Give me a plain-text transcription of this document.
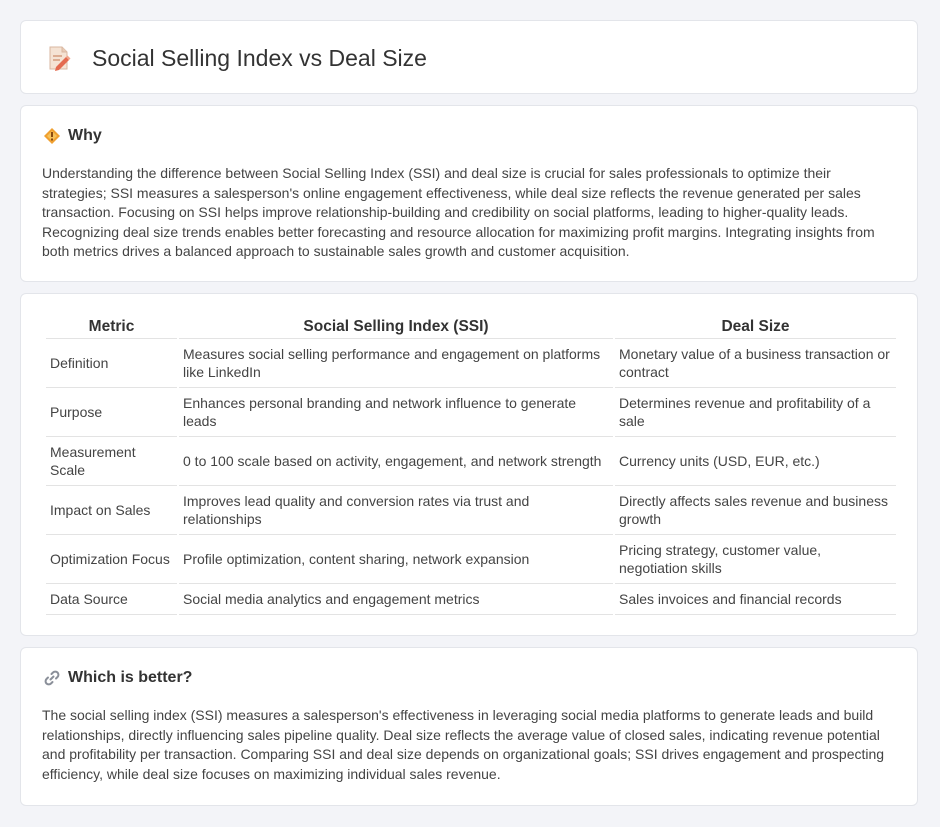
Social Selling Index vs Deal Size
Why

Understanding the difference between Social Selling Index (SSI) and deal size is crucial for sales professionals to optimize their strategies; SSI measures a salesperson's online engagement effectiveness, while deal size reflects the revenue generated per sales transaction. Focusing on SSI helps improve relationship-building and credibility on social platforms, leading to higher-quality leads. Recognizing deal size trends enables better forecasting and resource allocation for maximizing profit margins. Integrating insights from both metrics drives a balanced approach to sustainable sales growth and customer acquisition.

Metric	Social Selling Index (SSI)	Deal Size
Definition	Measures social selling performance and engagement on platforms like LinkedIn	Monetary value of a business transaction or contract
Purpose	Enhances personal branding and network influence to generate leads	Determines revenue and profitability of a sale
Measurement Scale	0 to 100 scale based on activity, engagement, and network strength	Currency units (USD, EUR, etc.)
Impact on Sales	Improves lead quality and conversion rates via trust and relationships	Directly affects sales revenue and business growth
Optimization Focus	Profile optimization, content sharing, network expansion	Pricing strategy, customer value, negotiation skills
Data Source	Social media analytics and engagement metrics	Sales invoices and financial records
Which is better?

The social selling index (SSI) measures a salesperson's effectiveness in leveraging social media platforms to generate leads and build relationships, directly influencing sales pipeline quality. Deal size reflects the average value of closed sales, indicating revenue potential and profitability per transaction. Comparing SSI and deal size depends on organizational goals; SSI drives engagement and prospecting efficiency, while deal size focuses on maximizing individual sales revenue.
